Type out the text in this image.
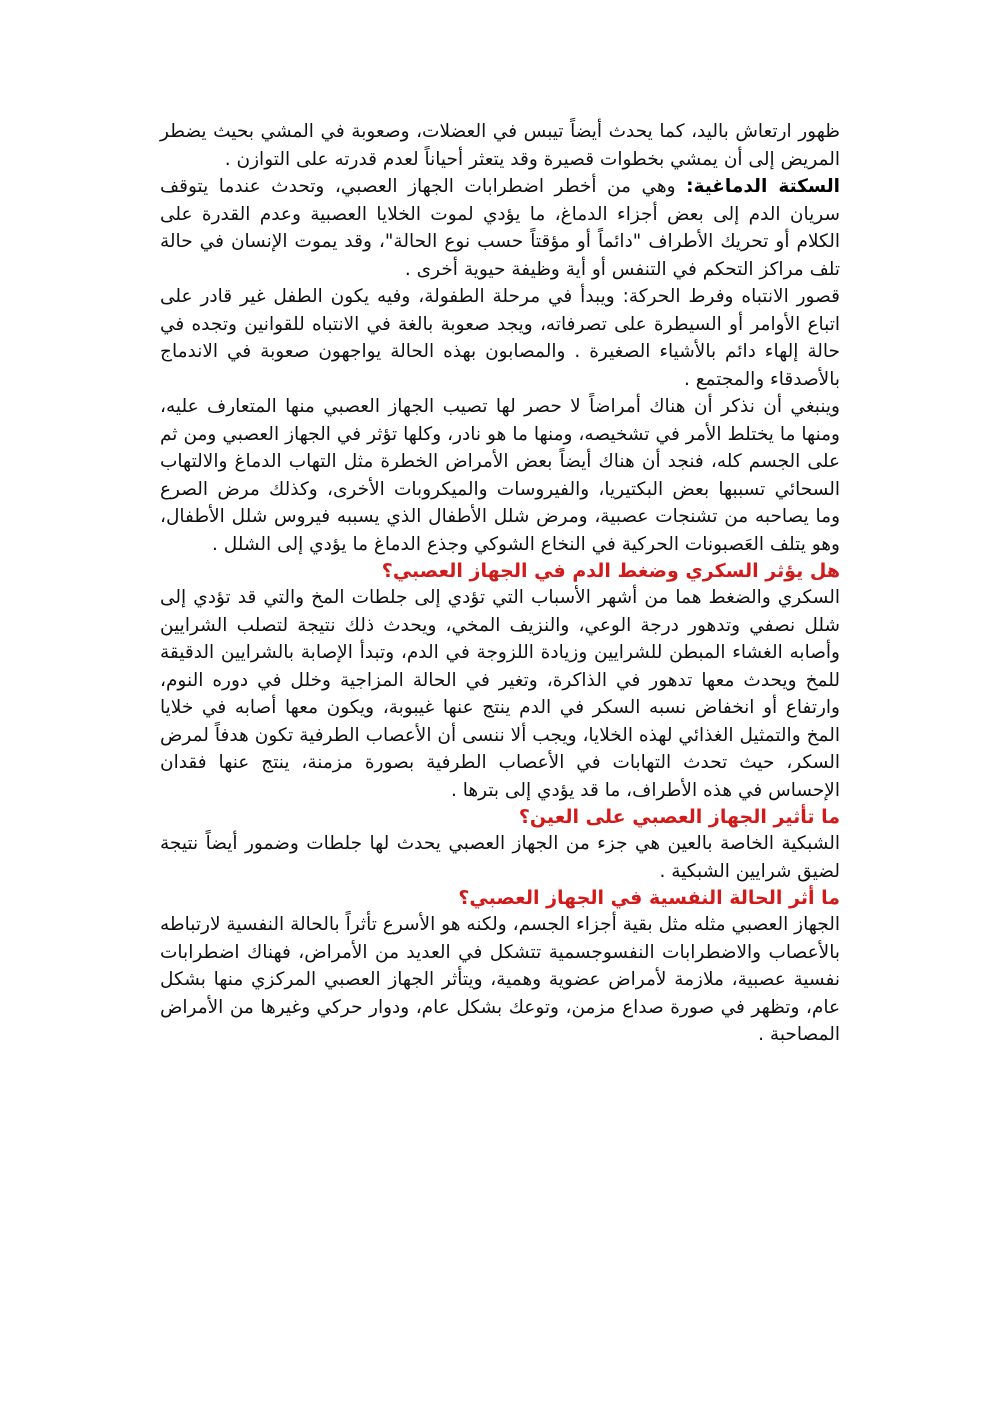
ظهور ارتعاش باليد، كما يحدث أيضاً تيبس في العضلات، وصعوبة في المشي بحيث يضطر المريض إلى أن يمشي بخطوات قصيرة وقد يتعثر أحياناً لعدم قدرته على التوازن .

السكتة الدماغية: وهي من أخطر اضطرابات الجهاز العصبي، وتحدث عندما يتوقف سريان الدم إلى بعض أجزاء الدماغ، ما يؤدي لموت الخلايا العصبية وعدم القدرة على الكلام أو تحريك الأطراف "دائماً أو مؤقتاً حسب نوع الحالة"، وقد يموت الإنسان في حالة تلف مراكز التحكم في التنفس أو أية وظيفة حيوية أخرى .

قصور الانتباه وفرط الحركة: ويبدأ في مرحلة الطفولة، وفيه يكون الطفل غير قادر على اتباع الأوامر أو السيطرة على تصرفاته، ويجد صعوبة بالغة في الانتباه للقوانين وتجده في حالة إلهاء دائم بالأشياء الصغيرة . والمصابون بهذه الحالة يواجهون صعوبة في الاندماج بالأصدقاء والمجتمع .

وينبغي أن نذكر أن هناك أمراضاً لا حصر لها تصيب الجهاز العصبي منها المتعارف عليه، ومنها ما يختلط الأمر في تشخيصه، ومنها ما هو نادر، وكلها تؤثر في الجهاز العصبي ومن ثم على الجسم كله، فنجد أن هناك أيضاً بعض الأمراض الخطرة مثل التهاب الدماغ والالتهاب السحائي تسببها بعض البكتيريا، والفيروسات والميكروبات الأخرى، وكذلك مرض الصرع وما يصاحبه من تشنجات عصبية، ومرض شلل الأطفال الذي يسببه فيروس شلل الأطفال، وهو يتلف العَصبونات الحركية في النخاع الشوكي وجذع الدماغ ما يؤدي إلى الشلل .

هل يؤثر السكري وضغط الدم في الجهاز العصبي؟

السكري والضغط هما من أشهر الأسباب التي تؤدي إلى جلطات المخ والتي قد تؤدي إلى شلل نصفي وتدهور درجة الوعي، والنزيف المخي، ويحدث ذلك نتيجة لتصلب الشرايين وأصابه الغشاء المبطن للشرايين وزيادة اللزوجة في الدم، وتبدأ الإصابة بالشرايين الدقيقة للمخ ويحدث معها تدهور في الذاكرة، وتغير في الحالة المزاجية وخلل في دوره النوم، وارتفاع أو انخفاض نسبه السكر في الدم ينتج عنها غيبوبة، ويكون معها أصابه في خلايا المخ والتمثيل الغذائي لهذه الخلايا، ويجب ألا ننسى أن الأعصاب الطرفية تكون هدفاً لمرض السكر، حيث تحدث التهابات في الأعصاب الطرفية بصورة مزمنة، ينتج عنها فقدان الإحساس في هذه الأطراف، ما قد يؤدي إلى بترها .

ما تأثير الجهاز العصبي على العين؟

الشبكية الخاصة بالعين هي جزء من الجهاز العصبي يحدث لها جلطات وضمور أيضاً نتيجة لضيق شرايين الشبكية .

ما أثر الحالة النفسية في الجهاز العصبي؟

الجهاز العصبي مثله مثل بقية أجزاء الجسم، ولكنه هو الأسرع تأثراً بالحالة النفسية لارتباطه بالأعصاب والاضطرابات النفسوجسمية تتشكل في العديد من الأمراض، فهناك اضطرابات نفسية عصبية، ملازمة لأمراض عضوية وهمية، ويتأثر الجهاز العصبي المركزي منها بشكل عام، وتظهر في صورة صداع مزمن، وتوعك بشكل عام، ودوار حركي وغيرها من الأمراض المصاحبة .
